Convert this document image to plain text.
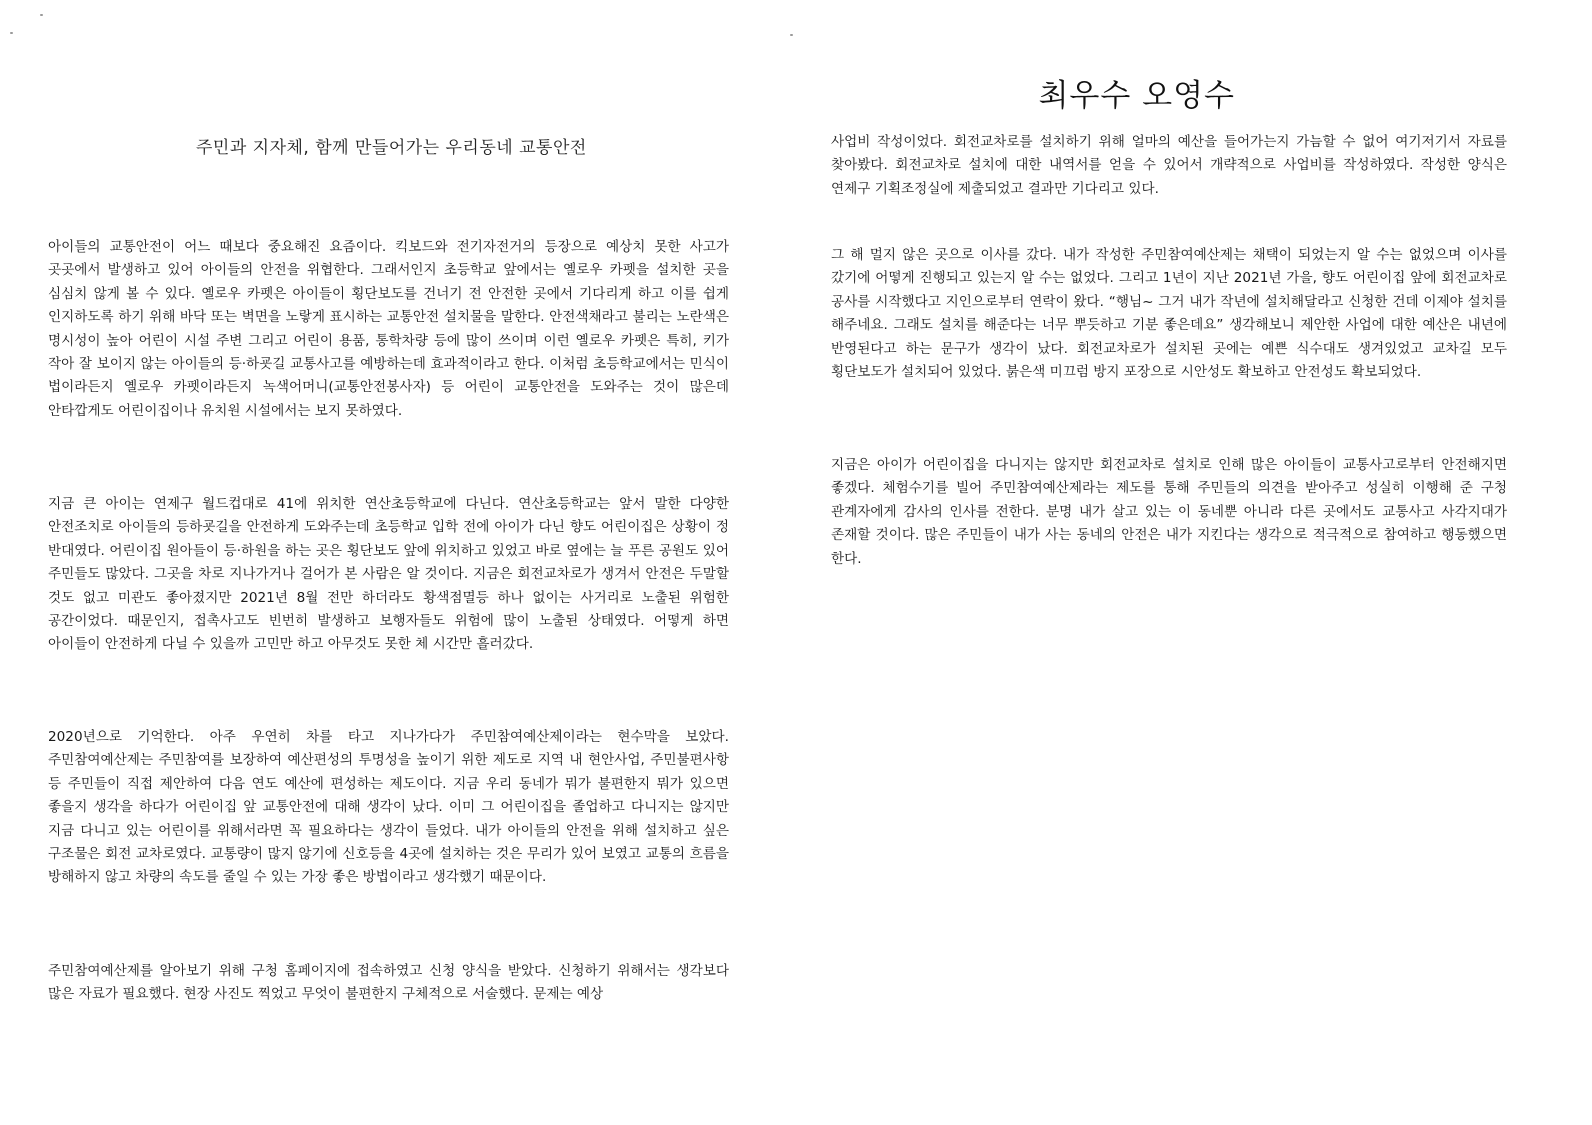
아이들의 교통안전이 어느 때보다 중요해진 요즘이다. 킥보드와 전기자전거의 등장으로 예상치 못한 사고가 곳곳에서 발생하고 있어 아이들의 안전을 위협한다. 그래서인지 초등학교 앞에서는 옐로우 카펫을 설치한 곳을 심심치 않게 볼 수 있다. 옐로우 카펫은 아이들이 횡단보도를 건너기 전 안전한 곳에서 기다리게 하고 이를 쉽게 인지하도록 하기 위해 바닥 또는 벽면을 노랗게 표시하는 교통안전 설치물을 말한다. 안전색채라고 불리는 노란색은 명시성이 높아 어린이 시설 주변 그리고 어린이 용품, 통학차량 등에 많이 쓰이며 이런 옐로우 카펫은 특히, 키가 작아 잘 보이지 않는 아이들의 등·하굣길 교통사고를 예방하는데 효과적이라고 한다. 이처럼 초등학교에서는 민식이 법이라든지 옐로우 카펫이라든지 녹색어머니(교통안전봉사자) 등 어린이 교통안전을 도와주는 것이 많은데 안타깝게도 어린이집이나 유치원 시설에서는 보지 못하였다.

지금 큰 아이는 연제구 월드컵대로 41에 위치한 연산초등학교에 다닌다. 연산초등학교는 앞서 말한 다양한 안전조치로 아이들의 등하굣길을 안전하게 도와주는데 초등학교 입학 전에 아이가 다닌 향도 어린이집은 상황이 정 반대였다. 어린이집 원아들이 등·하원을 하는 곳은 횡단보도 앞에 위치하고 있었고 바로 옆에는 늘 푸른 공원도 있어 주민들도 많았다. 그곳을 차로 지나가거나 걸어가 본 사람은 알 것이다. 지금은 회전교차로가 생겨서 안전은 두말할 것도 없고 미관도 좋아졌지만 2021년 8월 전만 하더라도 황색점멸등 하나 없이는 사거리로 노출된 위험한 공간이었다. 때문인지, 접촉사고도 빈번히 발생하고 보행자들도 위험에 많이 노출된 상태였다. 어떻게 하면 아이들이 안전하게 다닐 수 있을까 고민만 하고 아무것도 못한 체 시간만 흘러갔다.

2020년으로 기억한다. 아주 우연히 차를 타고 지나가다가 주민참여예산제이라는 현수막을 보았다. 주민참여예산제는 주민참여를 보장하여 예산편성의 투명성을 높이기 위한 제도로 지역 내 현안사업, 주민불편사항 등 주민들이 직접 제안하여 다음 연도 예산에 편성하는 제도이다. 지금 우리 동네가 뭐가 불편한지 뭐가 있으면 좋을지 생각을 하다가 어린이집 앞 교통안전에 대해 생각이 났다. 이미 그 어린이집을 졸업하고 다니지는 않지만 지금 다니고 있는 어린이를 위해서라면 꼭 필요하다는 생각이 들었다. 내가 아이들의 안전을 위해 설치하고 싶은 구조물은 회전 교차로였다. 교통량이 많지 않기에 신호등을 4곳에 설치하는 것은 무리가 있어 보였고 교통의 흐름을 방해하지 않고 차량의 속도를 줄일 수 있는 가장 좋은 방법이라고 생각했기 때문이다.

주민참여예산제를 알아보기 위해 구청 홈페이지에 접속하였고 신청 양식을 받았다. 신청하기 위해서는 생각보다 많은 자료가 필요했다. 현장 사진도 찍었고 무엇이 불편한지 구체적으로 서술했다. 문제는 예상

사업비 작성이었다. 회전교차로를 설치하기 위해 얼마의 예산을 들어가는지 가늠할 수 없어 여기저기서 자료를 찾아봤다. 회전교차로 설치에 대한 내역서를 얻을 수 있어서 개략적으로 사업비를 작성하였다. 작성한 양식은 연제구 기획조정실에 제출되었고 결과만 기다리고 있다.

그 해 멀지 않은 곳으로 이사를 갔다. 내가 작성한 주민참여예산제는 채택이 되었는지 알 수는 없었으며 이사를 갔기에 어떻게 진행되고 있는지 알 수는 없었다. 그리고 1년이 지난 2021년 가을, 향도 어린이집 앞에 회전교차로 공사를 시작했다고 지인으로부터 연락이 왔다. “행님~ 그거 내가 작년에 설치해달라고 신청한 건데 이제야 설치를 해주네요. 그래도 설치를 해준다는 너무 뿌듯하고 기분 좋은데요” 생각해보니 제안한 사업에 대한 예산은 내년에 반영된다고 하는 문구가 생각이 났다. 회전교차로가 설치된 곳에는 예쁜 식수대도 생겨있었고 교차길 모두 횡단보도가 설치되어 있었다. 붉은색 미끄럼 방지 포장으로 시안성도 확보하고 안전성도 확보되었다.

지금은 아이가 어린이집을 다니지는 않지만 회전교차로 설치로 인해 많은 아이들이 교통사고로부터 안전해지면 좋겠다. 체험수기를 빌어 주민참여예산제라는 제도를 통해 주민들의 의견을 받아주고 성실히 이행해 준 구청 관계자에게 감사의 인사를 전한다. 분명 내가 살고 있는 이 동네뿐 아니라 다른 곳에서도 교통사고 사각지대가 존재할 것이다. 많은 주민들이 내가 사는 동네의 안전은 내가 지킨다는 생각으로 적극적으로 참여하고 행동했으면 한다.

최우수 오영수
주민과 지자체, 함께 만들어가는 우리동네 교통안전
